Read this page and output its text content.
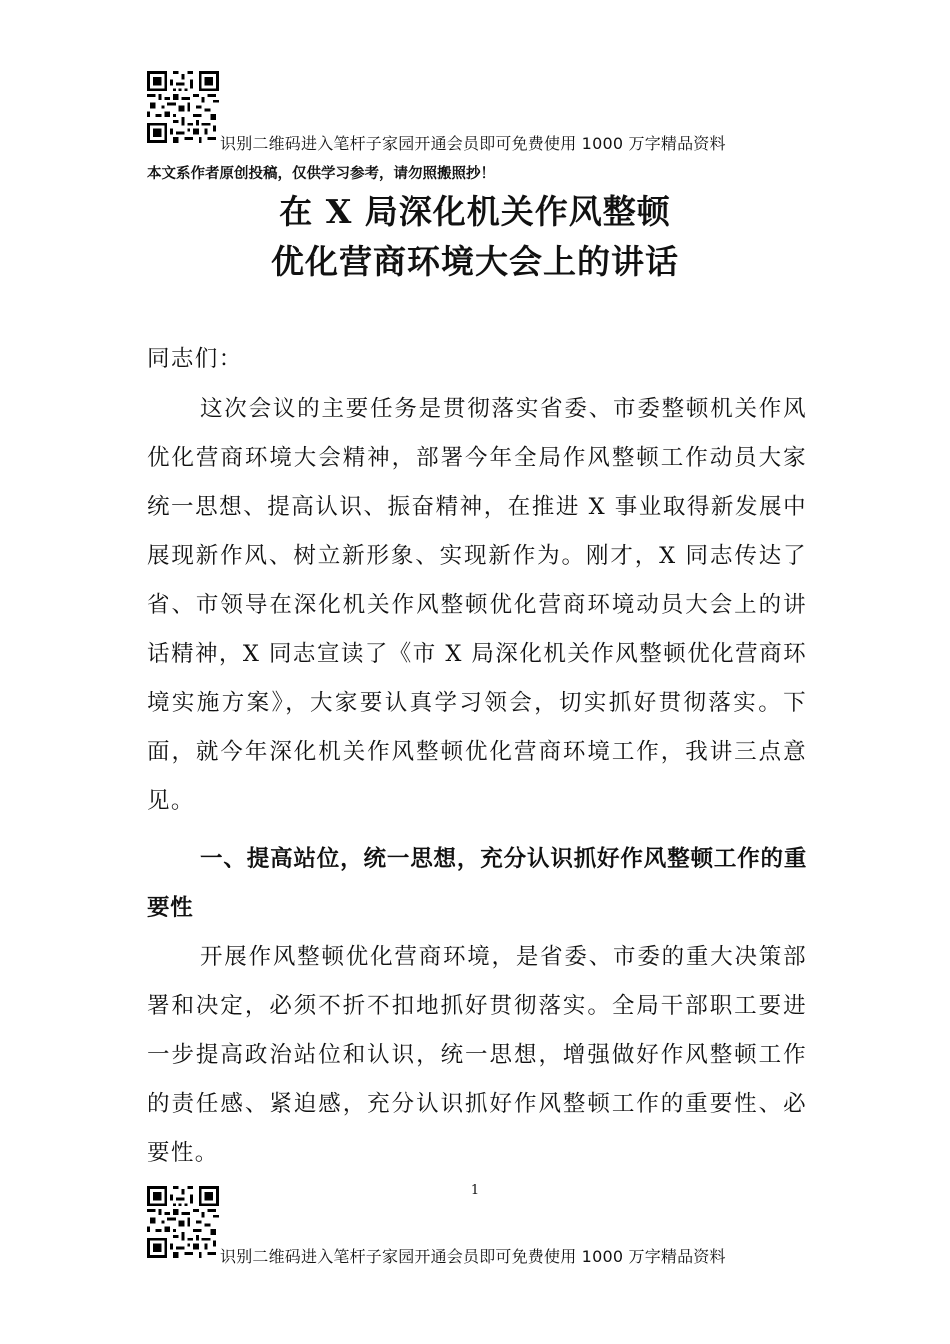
识别二维码进入笔杆子家园开通会员即可免费使用 1000 万字精品资料
本文系作者原创投稿，仅供学习参考，请勿照搬照抄！
在 X 局深化机关作风整顿
优化营商环境大会上的讲话
同志们：
这次会议的主要任务是贯彻落实省委、市委整顿机关作风优化营商环境大会精神，部署今年全局作风整顿工作动员大家统一思想、提高认识、振奋精神，在推进 X 事业取得新发展中展现新作风、树立新形象、实现新作为。刚才，X 同志传达了省、市领导在深化机关作风整顿优化营商环境动员大会上的讲话精神，X 同志宣读了《市 X 局深化机关作风整顿优化营商环境实施方案》，大家要认真学习领会，切实抓好贯彻落实。下面，就今年深化机关作风整顿优化营商环境工作，我讲三点意见。
一、提高站位，统一思想，充分认识抓好作风整顿工作的重要性
开展作风整顿优化营商环境，是省委、市委的重大决策部署和决定，必须不折不扣地抓好贯彻落实。全局干部职工要进一步提高政治站位和认识，统一思想，增强做好作风整顿工作的责任感、紧迫感，充分认识抓好作风整顿工作的重要性、必要性。
1
识别二维码进入笔杆子家园开通会员即可免费使用 1000 万字精品资料
